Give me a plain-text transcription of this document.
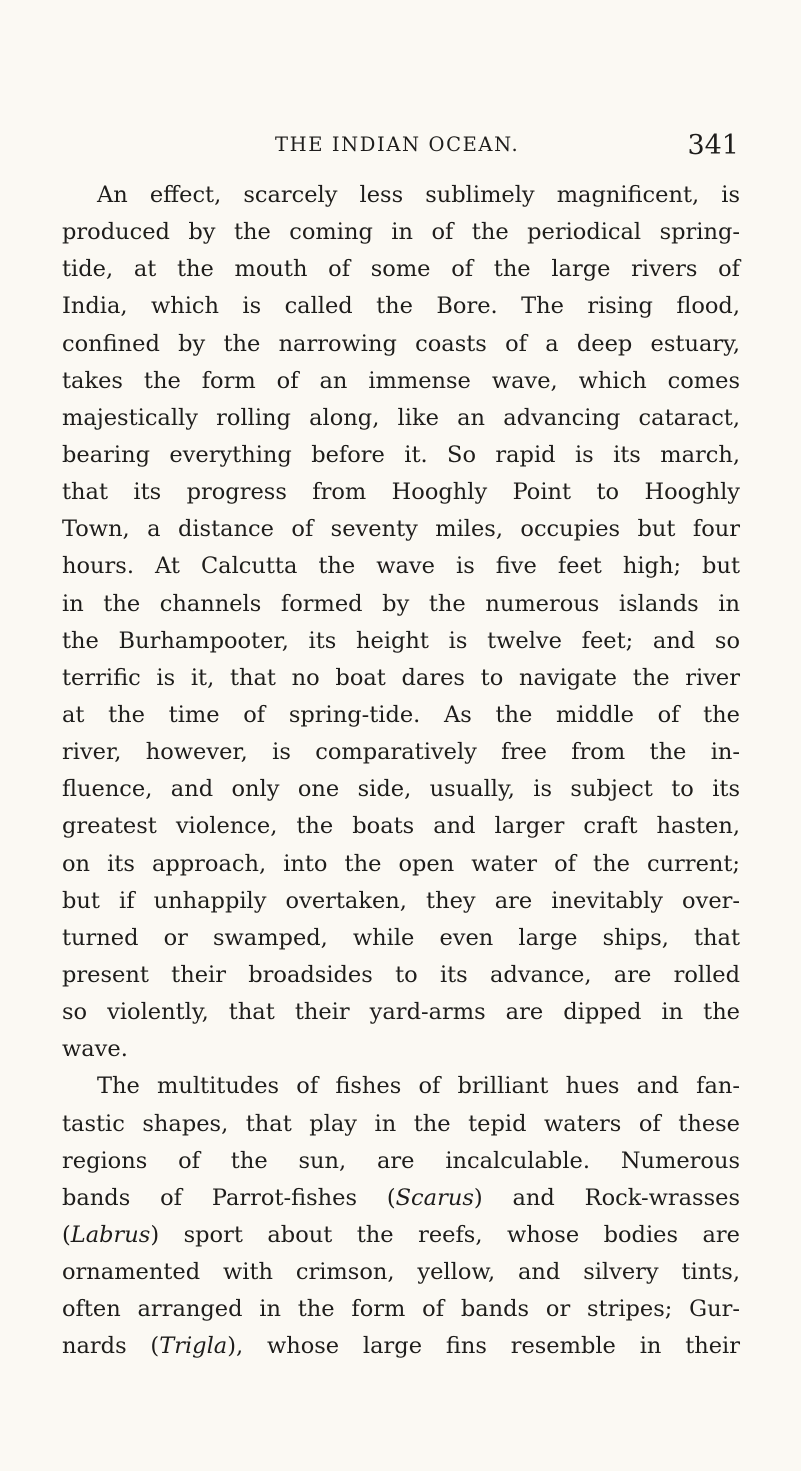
THE INDIAN OCEAN.	341
An effect, scarcely less sublimely magnificent, is
produced by the coming in of the periodical spring-
tide, at the mouth of some of the large rivers of
India, which is called the Bore. The rising flood,
confined by the narrowing coasts of a deep estuary,
takes the form of an immense wave, which comes
majestically rolling along, like an advancing cataract,
bearing everything before it. So rapid is its march,
that its progress from Hooghly Point to Hooghly
Town, a distance of seventy miles, occupies but four
hours. At Calcutta the wave is five feet high; but
in the channels formed by the numerous islands in
the Burhampooter, its height is twelve feet; and so
terrific is it, that no boat dares to navigate the river
at the time of spring-tide. As the middle of the
river, however, is comparatively free from the in-
fluence, and only one side, usually, is subject to its
greatest violence, the boats and larger craft hasten,
on its approach, into the open water of the current;
but if unhappily overtaken, they are inevitably over-
turned or swamped, while even large ships, that
present their broadsides to its advance, are rolled
so violently, that their yard-arms are dipped in the
wave.
The multitudes of fishes of brilliant hues and fan-
tastic shapes, that play in the tepid waters of these
regions of the sun, are incalculable. Numerous
bands of Parrot-fishes (Scarus) and Rock-wrasses
(Labrus) sport about the reefs, whose bodies are
ornamented with crimson, yellow, and silvery tints,
often arranged in the form of bands or stripes; Gur-
nards (Trigla), whose large fins resemble in their
